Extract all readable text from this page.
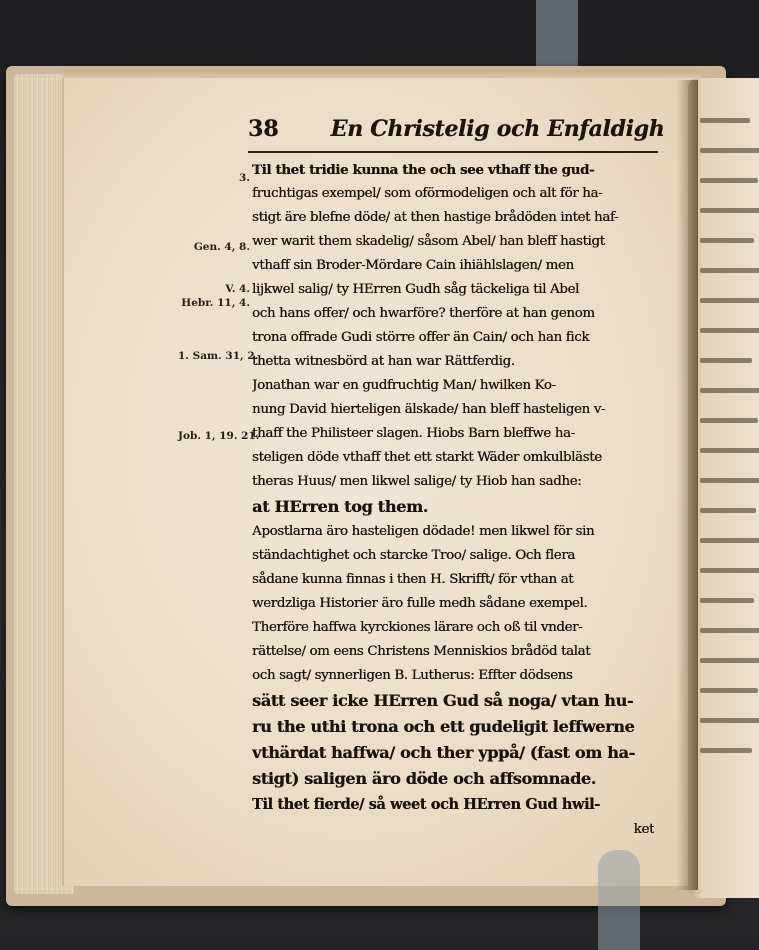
38 En Christelig och Enfaldigh
3.
Gen. 4, 8.
V. 4.
Hebr. 11, 4.
1. Sam. 31, 2.
Job. 1, 19. 21.
Til thet tridie kunna the och see vthaff the gud-
fruchtigas exempel/ som oförmodeligen och alt för ha-
stigt äre blefne döde/ at then hastige brådöden intet haf-
wer warit them skadelig/ såsom Abel/ han bleff hastigt
vthaff sin Broder-Mördare Cain ihiählslagen/ men
lijkwel salig/ ty HErren Gudh såg täckeliga til Abel
och hans offer/ och hwarföre? therföre at han genom
trona offrade Gudi större offer än Cain/ och han fick
thetta witnesbörd at han war Rättferdig.
Jonathan war en gudfruchtig Man/ hwilken Ko-
nung David hierteligen älskade/ han bleff hasteligen v-
thaff the Philisteer slagen. Hiobs Barn bleffwe ha-
steligen döde vthaff thet ett starkt Wäder omkulbläste
theras Huus/ men likwel salige/ ty Hiob han sadhe:
at HErren tog them.
Apostlarna äro hasteligen dödade! men likwel för sin
ständachtighet och starcke Troo/ salige. Och flera
sådane kunna finnas i then H. Skrifft/ för vthan at
werdzliga Historier äro fulle medh sådane exempel.
Therföre haffwa kyrckiones lärare och oß til vnder-
rättelse/ om eens Christens Menniskios brådöd talat
och sagt/ synnerligen B. Lutherus: Effter dödsens
sätt seer icke HErren Gud så noga/ vtan hu-
ru the uthi trona och ett gudeligit leffwerne
vthärdat haffwa/ och ther yppå/ (fast om ha-
stigt) saligen äro döde och affsomnade.
Til thet fierde/ så weet och HErren Gud hwil-
ket
